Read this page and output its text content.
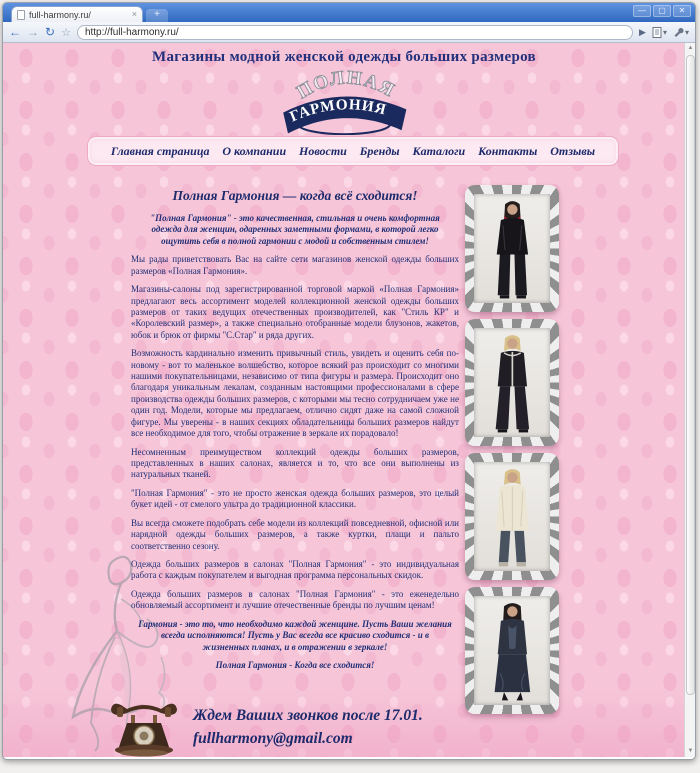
full-harmony.ru/	×	+	—	▢	✕
← → ↻ ☆ http://full-harmony.ru/	▶ ▾ ▾
Магазины модной женской одежды больших размеров
ПОЛНАЯ
ГАРМОНИЯ
Главная страница О компании Новости Бренды Каталоги Контакты Отзывы
Полная Гармония — когда всё сходится!

"Полная Гармония" - это качественная, стильная и очень комфортная одежда для женщин, одаренных заметными формами, в которой легко ощутить себя в полной гармонии с модой и собственным стилем!

Мы рады приветствовать Вас на сайте сети магазинов женской одежды больших размеров «Полная Гармония».

Магазины-салоны под зарегистрированной торговой маркой «Полная Гармония» предлагают весь ассортимент моделей коллекционной женской одежды больших размеров от таких ведущих отечественных производителей, как "Стиль КР" и «Королевский размер», а также специально отобранные модели блузонов, жакетов, юбок и брюк от фирмы "С.Стар" и ряда других.

Возможность кардинально изменить привычный стиль, увидеть и оценить себя по-новому - вот то маленькое волшебство, которое всякий раз происходит со многими нашими покупательницами, независимо от типа фигуры и размера. Происходит оно благодаря уникальным лекалам, созданным настоящими профессионалами в сфере производства одежды больших размеров, с которыми мы тесно сотрудничаем уже не один год. Модели, которые мы предлагаем, отлично сидят даже на самой сложной фигуре. Мы уверены - в наших секциях обладательницы больших размеров найдут все необходимое для того, чтобы отражение в зеркале их порадовало!

Несомненным преимуществом коллекций одежды больших размеров, представленных в наших салонах, является и то, что все они выполнены из натуральных тканей.

"Полная Гармония" - это не просто женская одежда больших размеров, это целый букет идей - от смелого ультра до традиционной классики.

Вы всегда сможете подобрать себе модели из коллекций повседневной, офисной или нарядной одежды больших размеров, а также куртки, плащи и пальто соответственно сезону.

Одежда больших размеров в салонах "Полная Гармония" - это индивидуальная работа с каждым покупателем и выгодная программа персональных скидок.

Одежда больших размеров в салонах "Полная Гармония" - это еженедельно обновляемый ассортимент и лучшие отечественные бренды по лучшим ценам!

Гармония - это то, что необходимо каждой женщине. Пусть Ваши желания всегда исполняются! Пусть у Вас всегда все красиво сходится - и в жизненных планах, и в отражении в зеркале!

Полная Гармония - Когда все сходится!

Ждем Ваших звонков после 17.01.
fullharmony@gmail.com
▲
▼
